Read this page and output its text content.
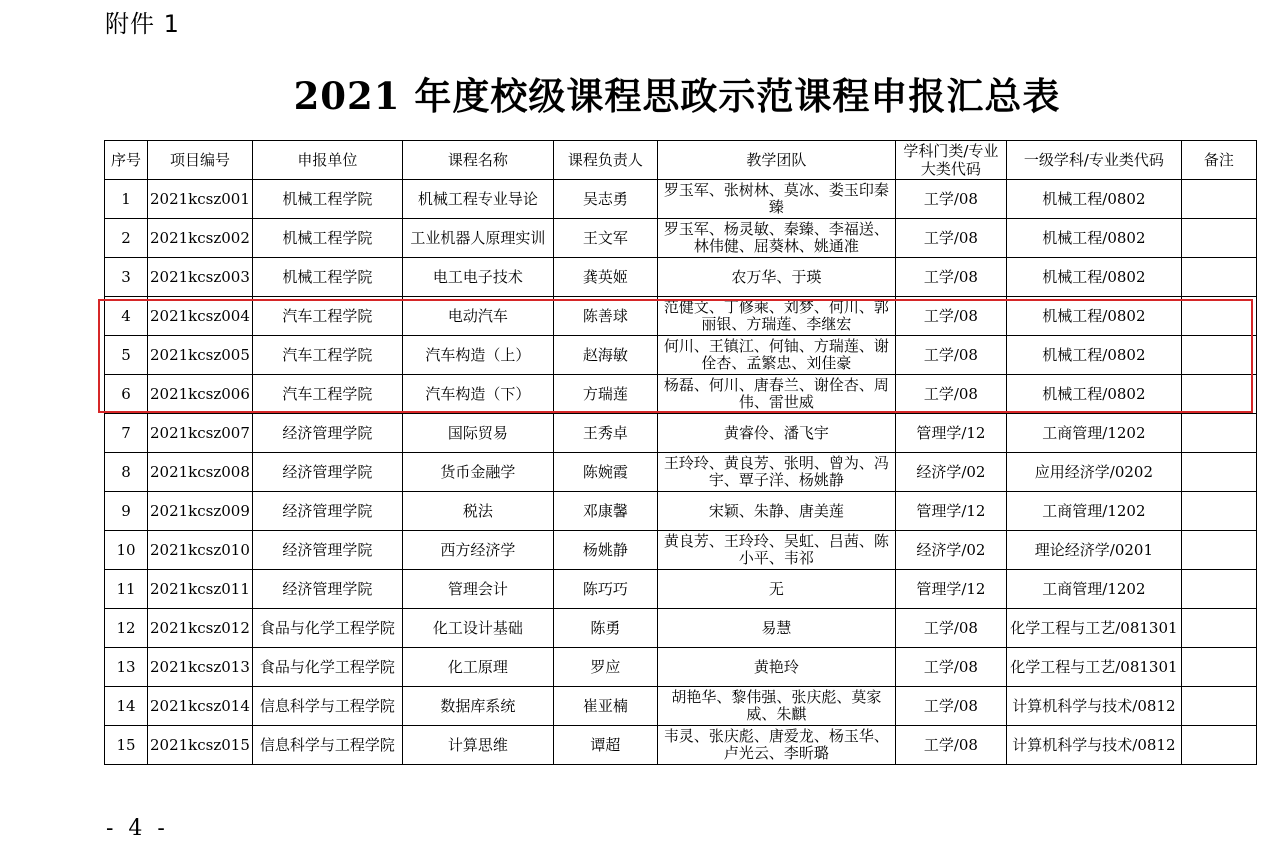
附件 1
2021 年度校级课程思政示范课程申报汇总表
序号	项目编号	申报单位	课程名称	课程负责人	教学团队	学科门类/专业大类代码	一级学科/专业类代码	备注
1	2021kcsz001	机械工程学院	机械工程专业导论	吴志勇	罗玉军、张树林、莫冰、娄玉印秦臻	工学/08	机械工程/0802	
2	2021kcsz002	机械工程学院	工业机器人原理实训	王文军	罗玉军、杨灵敏、秦臻、李福送、林伟健、屈葵林、姚通准	工学/08	机械工程/0802	
3	2021kcsz003	机械工程学院	电工电子技术	龚英姬	农万华、于瑛	工学/08	机械工程/0802	
4	2021kcsz004	汽车工程学院	电动汽车	陈善球	范健文、丁修乘、刘梦、何川、郭丽银、方瑞莲、李继宏	工学/08	机械工程/0802	
5	2021kcsz005	汽车工程学院	汽车构造（上）	赵海敏	何川、王镇江、何铀、方瑞莲、谢佺杏、孟繁忠、刘佳豪	工学/08	机械工程/0802	
6	2021kcsz006	汽车工程学院	汽车构造（下）	方瑞莲	杨磊、何川、唐春兰、谢佺杏、周伟、雷世威	工学/08	机械工程/0802	
7	2021kcsz007	经济管理学院	国际贸易	王秀卓	黄睿伶、潘飞宇	管理学/12	工商管理/1202	
8	2021kcsz008	经济管理学院	货币金融学	陈婉霞	王玲玲、黄良芳、张明、曾为、冯宇、覃子洋、杨姚静	经济学/02	应用经济学/0202	
9	2021kcsz009	经济管理学院	税法	邓康馨	宋颖、朱静、唐美莲	管理学/12	工商管理/1202	
10	2021kcsz010	经济管理学院	西方经济学	杨姚静	黄良芳、王玲玲、吴虹、吕茜、陈小平、韦祁	经济学/02	理论经济学/0201	
11	2021kcsz011	经济管理学院	管理会计	陈巧巧	无	管理学/12	工商管理/1202	
12	2021kcsz012	食品与化学工程学院	化工设计基础	陈勇	易慧	工学/08	化学工程与工艺/081301	
13	2021kcsz013	食品与化学工程学院	化工原理	罗应	黄艳玲	工学/08	化学工程与工艺/081301	
14	2021kcsz014	信息科学与工程学院	数据库系统	崔亚楠	胡艳华、黎伟强、张庆彪、莫家威、朱麒	工学/08	计算机科学与技术/0812	
15	2021kcsz015	信息科学与工程学院	计算思维	谭超	韦灵、张庆彪、唐爱龙、杨玉华、卢光云、李昕璐	工学/08	计算机科学与技术/0812	
- 4 -
